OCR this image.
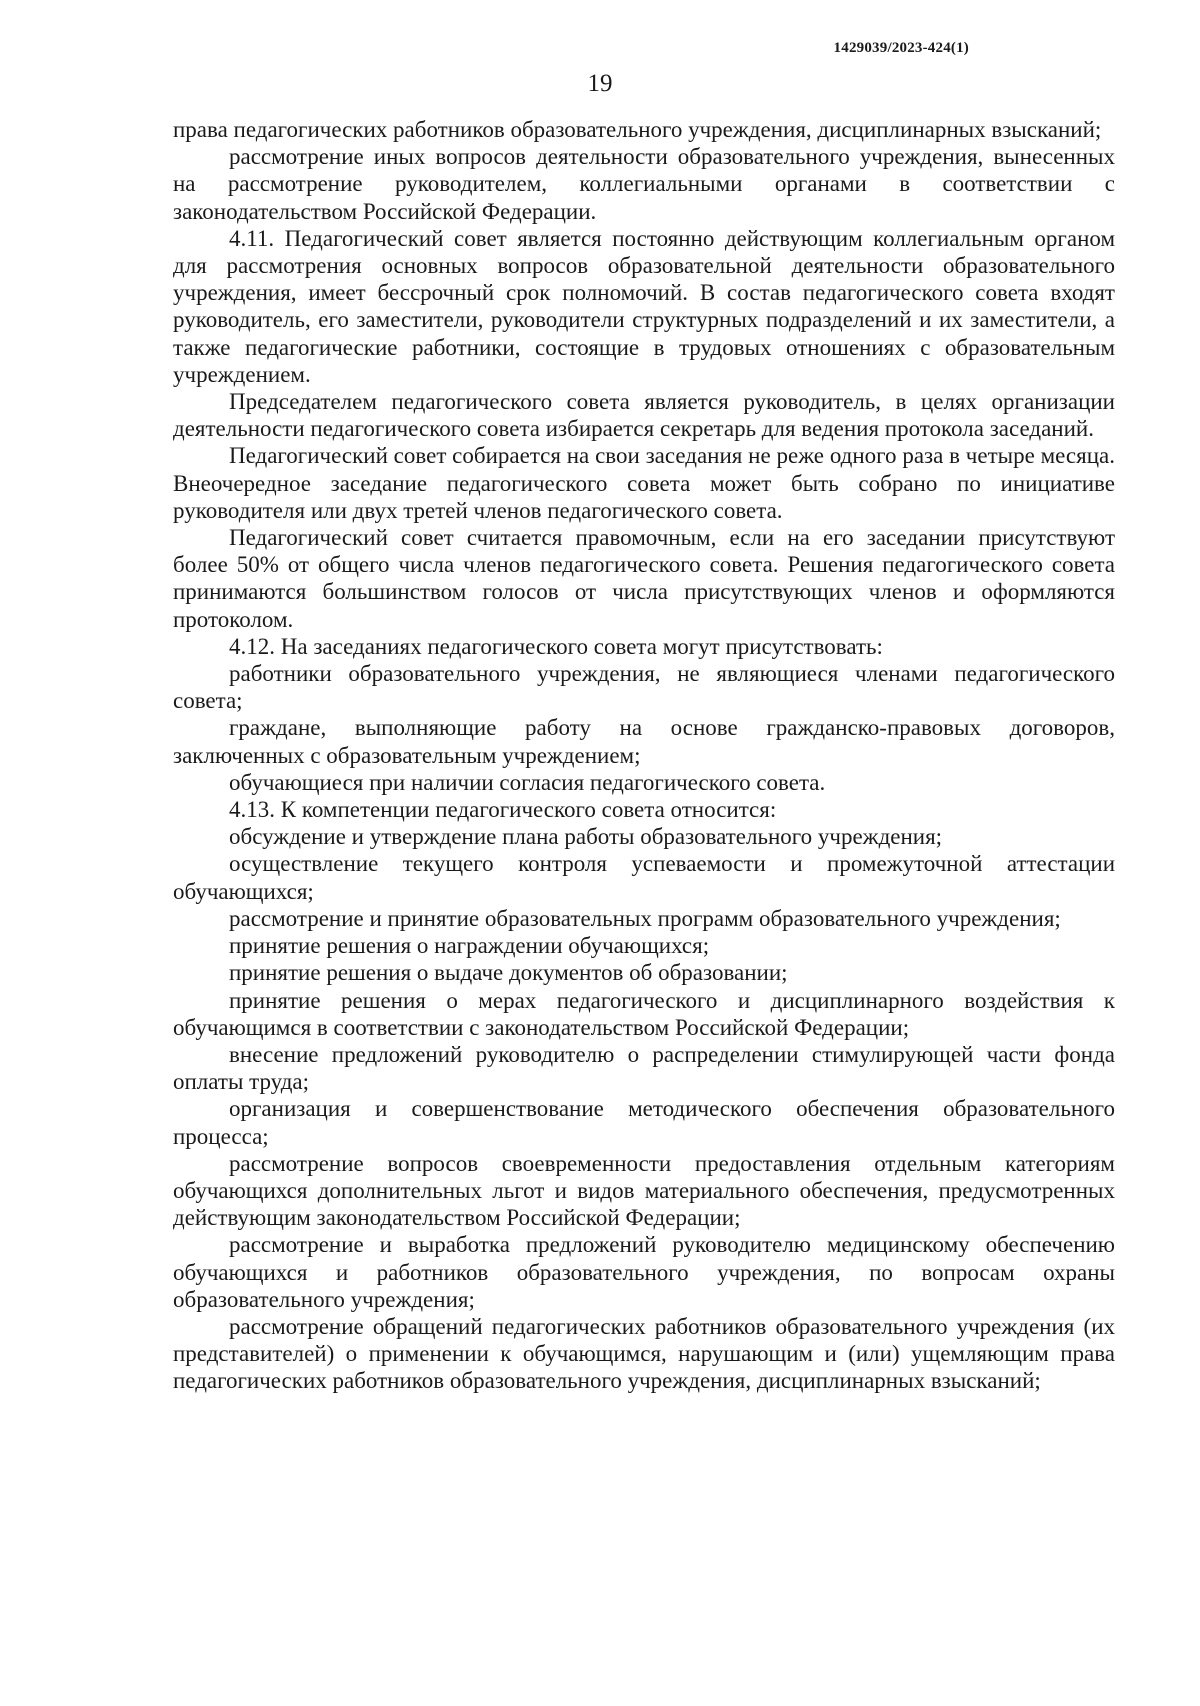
1429039/2023-424(1)
19

права педагогических работников образовательного учреждения, дисциплинарных взысканий;

рассмотрение иных вопросов деятельности образовательного учреждения, вынесенных на рассмотрение руководителем, коллегиальными органами в соответствии с законодательством Российской Федерации.

4.11. Педагогический совет является постоянно действующим коллегиальным органом для рассмотрения основных вопросов образовательной деятельности образовательного учреждения, имеет бессрочный срок полномочий. В состав педагогического совета входят руководитель, его заместители, руководители структурных подразделений и их заместители, а также педагогические работники, состоящие в трудовых отношениях с образовательным учреждением.

Председателем педагогического совета является руководитель, в целях организации деятельности педагогического совета избирается секретарь для ведения протокола заседаний.

Педагогический совет собирается на свои заседания не реже одного раза в четыре месяца. Внеочередное заседание педагогического совета может быть собрано по инициативе руководителя или двух третей членов педагогического совета.

Педагогический совет считается правомочным, если на его заседании присутствуют более 50% от общего числа членов педагогического совета. Решения педагогического совета принимаются большинством голосов от числа присутствующих членов и оформляются протоколом.

4.12. На заседаниях педагогического совета могут присутствовать:

работники образовательного учреждения, не являющиеся членами педагогического совета;

граждане, выполняющие работу на основе гражданско-правовых договоров, заключенных с образовательным учреждением;

обучающиеся при наличии согласия педагогического совета.

4.13. К компетенции педагогического совета относится:

обсуждение и утверждение плана работы образовательного учреждения;

осуществление текущего контроля успеваемости и промежуточной аттестации обучающихся;

рассмотрение и принятие образовательных программ образовательного учреждения;

принятие решения о награждении обучающихся;

принятие решения о выдаче документов об образовании;

принятие решения о мерах педагогического и дисциплинарного воздействия к обучающимся в соответствии с законодательством Российской Федерации;

внесение предложений руководителю о распределении стимулирующей части фонда оплаты труда;

организация и совершенствование методического обеспечения образовательного процесса;

рассмотрение вопросов своевременности предоставления отдельным категориям обучающихся дополнительных льгот и видов материального обеспечения, предусмотренных действующим законодательством Российской Федерации;

рассмотрение и выработка предложений руководителю медицинскому обеспечению обучающихся и работников образовательного учреждения, по вопросам охраны образовательного учреждения;

рассмотрение обращений педагогических работников образовательного учреждения (их представителей) о применении к обучающимся, нарушающим и (или) ущемляющим права педагогических работников образовательного учреждения, дисциплинарных взысканий;
